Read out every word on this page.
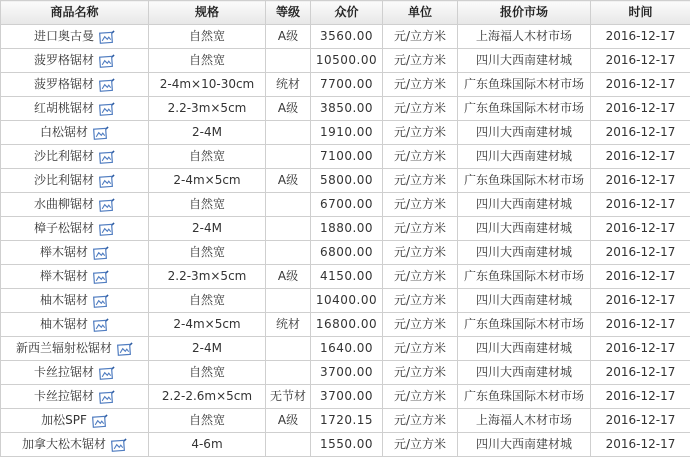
商品名称	规格	等级	众价	单位	报价市场	时间

进口奥古曼	自然宽	A级	3560.00	元/立方米	上海福人木材市场	2016-12-17

菠罗格锯材	自然宽		10500.00	元/立方米	四川大西南建材城	2016-12-17

菠罗格锯材	2-4m×10-30cm	统材	7700.00	元/立方米	广东鱼珠国际木材市场	2016-12-17

红胡桃锯材	2.2-3m×5cm	A级	3850.00	元/立方米	广东鱼珠国际木材市场	2016-12-17

白松锯材	2-4M		1910.00	元/立方米	四川大西南建材城	2016-12-17

沙比利锯材	自然宽		7100.00	元/立方米	四川大西南建材城	2016-12-17

沙比利锯材	2-4m×5cm	A级	5800.00	元/立方米	广东鱼珠国际木材市场	2016-12-17

水曲柳锯材	自然宽		6700.00	元/立方米	四川大西南建材城	2016-12-17

樟子松锯材	2-4M		1880.00	元/立方米	四川大西南建材城	2016-12-17

榉木锯材	自然宽		6800.00	元/立方米	四川大西南建材城	2016-12-17

榉木锯材	2.2-3m×5cm	A级	4150.00	元/立方米	广东鱼珠国际木材市场	2016-12-17

柚木锯材	自然宽		10400.00	元/立方米	四川大西南建材城	2016-12-17

柚木锯材	2-4m×5cm	统材	16800.00	元/立方米	广东鱼珠国际木材市场	2016-12-17

新西兰辐射松锯材	2-4M		1640.00	元/立方米	四川大西南建材城	2016-12-17

卡丝拉锯材	自然宽		3700.00	元/立方米	四川大西南建材城	2016-12-17

卡丝拉锯材	2.2-2.6m×5cm	无节材	3700.00	元/立方米	广东鱼珠国际木材市场	2016-12-17

加松SPF	自然宽	A级	1720.15	元/立方米	上海福人木材市场	2016-12-17

加拿大松木锯材	4-6m		1550.00	元/立方米	四川大西南建材城	2016-12-17
